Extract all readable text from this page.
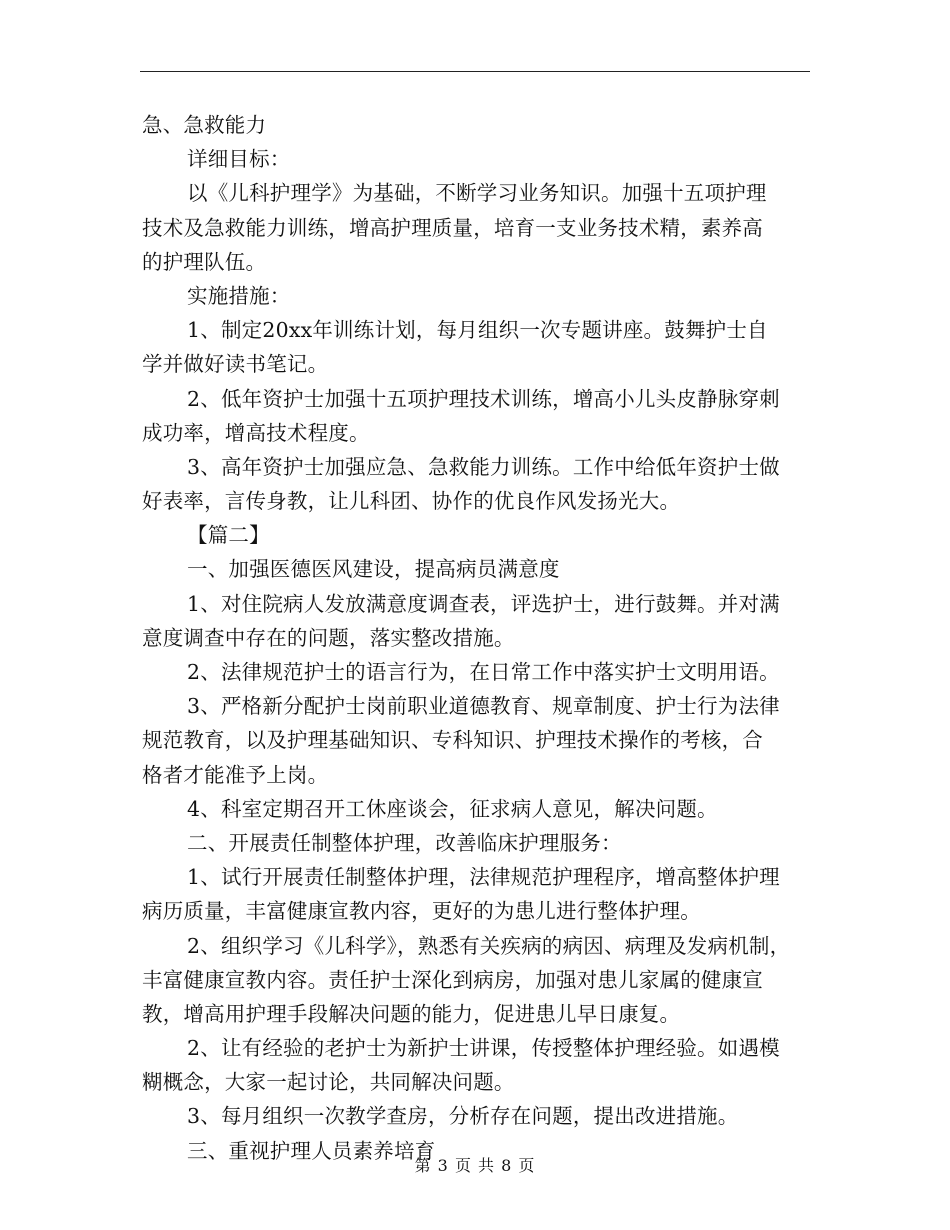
急、急救能力
详细目标：
以《儿科护理学》为基础，不断学习业务知识。加强十五项护理
技术及急救能力训练，增高护理质量，培育一支业务技术精，素养高
的护理队伍。
实施措施：
1、制定20xx年训练计划，每月组织一次专题讲座。鼓舞护士自
学并做好读书笔记。
2、低年资护士加强十五项护理技术训练，增高小儿头皮静脉穿刺
成功率，增高技术程度。
3、高年资护士加强应急、急救能力训练。工作中给低年资护士做
好表率，言传身教，让儿科团、协作的优良作风发扬光大。
【篇二】
一、加强医德医风建设，提高病员满意度
1、对住院病人发放满意度调查表，评选护士，进行鼓舞。并对满
意度调查中存在的问题，落实整改措施。
2、法律规范护士的语言行为，在日常工作中落实护士文明用语。
3、严格新分配护士岗前职业道德教育、规章制度、护士行为法律
规范教育，以及护理基础知识、专科知识、护理技术操作的考核，合
格者才能准予上岗。
4、科室定期召开工休座谈会，征求病人意见，解决问题。
二、开展责任制整体护理，改善临床护理服务：
1、试行开展责任制整体护理，法律规范护理程序，增高整体护理
病历质量，丰富健康宣教内容，更好的为患儿进行整体护理。
2、组织学习《儿科学》，熟悉有关疾病的病因、病理及发病机制，
丰富健康宣教内容。责任护士深化到病房，加强对患儿家属的健康宣
教，增高用护理手段解决问题的能力，促进患儿早日康复。
2、让有经验的老护士为新护士讲课，传授整体护理经验。如遇模
糊概念，大家一起讨论，共同解决问题。
3、每月组织一次教学查房，分析存在问题，提出改进措施。
三、重视护理人员素养培育
第 3 页 共 8 页
